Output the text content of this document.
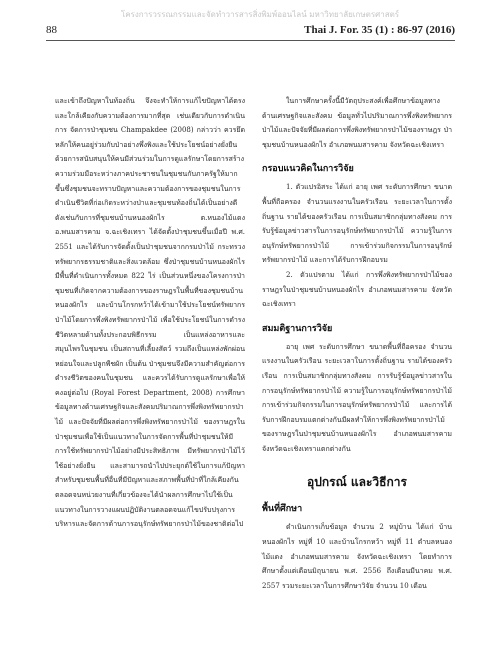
โครงการวรรณกรรมและจัดทำวารสารสิ่งพิมพ์ออนไลน์ มหาวิทยาลัยเกษตรศาสตร์
88	Thai J. For. 35 (1) : 86-97 (2016)

และเข้าถึงปัญหาในท้องถิ่น จึงจะทำให้การแก้ไขปัญหาได้ตรงและใกล้เคียงกับความต้องการมากที่สุด เช่นเดียวกับการดำเนินการ จัดการป่าชุมชน Champakdee (2008) กล่าวว่า ควรยึดหลักให้คนอยู่ร่วมกับป่าอย่างพึ่งพิงและใช้ประโยชน์อย่างยั่งยืน ด้วยการสนับสนุนให้คนมีส่วนร่วมในการดูแลรักษาโดยการสร้างความร่วมมือระหว่างภาคประชาชนในชุมชนกับภาครัฐให้มากขึ้นซึ่งชุมชนจะทราบปัญหาและความต้องการของชุมชนในการดำเนินชีวิตที่ก่อเกิดระหว่างป่าและชุมชนท้องถิ่นได้เป็นอย่างดี ดังเช่นกับการที่ชุมชนบ้านหนองผักไร ต.หนองไม้แดง อ.พนมสารคาม จ.ฉะเชิงเทรา ได้จัดตั้งป่าชุมชนขึ้นเมื่อปี พ.ศ. 2551 และได้รับการจัดตั้งเป็นป่าชุมชนจากกรมป่าไม้ กระทรวงทรัพยากรธรรมชาติและสิ่งแวดล้อม ซึ่งป่าชุมชนบ้านหนองผักไร มีพื้นที่ดำเนินการทั้งหมด 822 ไร่ เป็นส่วนหนึ่งของโครงการป่าชุมชนที่เกิดจากความต้องการของราษฎรในพื้นที่ของชุมชนบ้านหนองผักไร และบ้านโกรกหว้าได้เข้ามาใช้ประโยชน์ทรัพยากรป่าไม้โดยการพึ่งพิงทรัพยากรป่าไม้ เพื่อใช้ประโยชน์ในการดำรงชีวิตหลายด้านทั้งประกอบพิธีกรรม เป็นแหล่งอาหารและสมุนไพรในชุมชน เป็นสถานที่เลี้ยงสัตว์ รวมถึงเป็นแหล่งพักผ่อนหย่อนใจและปลูกพืชผัก เป็นต้น ป่าชุมชนจึงมีความสำคัญต่อการดำรงชีวิตของคนในชุมชน และควรได้รับการดูแลรักษาเพื่อให้คงอยู่ต่อไป (Royal Forest Department, 2008) การศึกษาข้อมูลทางด้านเศรษฐกิจและสังคมปริมาณการพึ่งพิงทรัพยากรป่าไม้ และปัจจัยที่มีผลต่อการพึ่งพิงทรัพยากรป่าไม้ ของราษฎรในป่าชุมชนเพื่อใช้เป็นแนวทางในการจัดการพื้นที่ป่าชุมชนให้มีการใช้ทรัพยากรป่าไม้อย่างมีประสิทธิภาพ มีทรัพยากรป่าไม้ไว้ใช้อย่างยั่งยืน และสามารถนำไปประยุกต์ใช้ในการแก้ปัญหาสำหรับชุมชนพื้นที่อื่นที่มีปัญหาและสภาพพื้นที่ป่าที่ใกล้เคียงกันตลอดจนหน่วยงานที่เกี่ยวข้องจะได้นำผลการศึกษาไปใช้เป็นแนวทางในการวางแผนปฏิบัติงานตลอดจนแก้ไขปรับปรุงการบริหารและจัดการด้านการอนุรักษ์ทรัพยากรป่าไม้ของชาติต่อไป

ในการศึกษาครั้งนี้มีวัตถุประสงค์เพื่อศึกษาข้อมูลทางด้านเศรษฐกิจและสังคม ข้อมูลทั่วไปปริมาณการพึ่งพิงทรัพยากรป่าไม้และปัจจัยที่มีผลต่อการพึ่งพิงทรัพยากรป่าไม้ของราษฎร ป่าชุมชนบ้านหนองผักไร อำเภอพนมสารคาม จังหวัดฉะเชิงเทรา

กรอบแนวคิดในการวิจัย

1. ตัวแปรอิสระ ได้แก่ อายุ เพศ ระดับการศึกษา ขนาดพื้นที่ถือครอง จำนวนแรงงานในครัวเรือน ระยะเวลาในการตั้งถิ่นฐาน รายได้ของครัวเรือน การเป็นสมาชิกกลุ่มทางสังคม การรับรู้ข้อมูลข่าวสารในการอนุรักษ์ทรัพยากรป่าไม้ ความรู้ในการอนุรักษ์ทรัพยากรป่าไม้ การเข้าร่วมกิจกรรมในการอนุรักษ์ทรัพยากรป่าไม้ และการได้รับการฝึกอบรม

2. ตัวแปรตาม ได้แก่ การพึ่งพิงทรัพยากรป่าไม้ของราษฎรในป่าชุมชนบ้านหนองผักไร อำเภอพนมสารคาม จังหวัดฉะเชิงเทรา

สมมติฐานการวิจัย

อายุ เพศ ระดับการศึกษา ขนาดพื้นที่ถือครอง จำนวนแรงงานในครัวเรือน ระยะเวลาในการตั้งถิ่นฐาน รายได้ของครัวเรือน การเป็นสมาชิกกลุ่มทางสังคม การรับรู้ข้อมูลข่าวสารในการอนุรักษ์ทรัพยากรป่าไม้ ความรู้ในการอนุรักษ์ทรัพยากรป่าไม้ การเข้าร่วมกิจกรรมในการอนุรักษ์ทรัพยากรป่าไม้ และการได้รับการฝึกอบรมแตกต่างกันมีผลทำให้การพึ่งพิงทรัพยากรป่าไม้ของราษฎรในป่าชุมชนบ้านหนองผักไร อำเภอพนมสารคาม จังหวัดฉะเชิงเทราแตกต่างกัน

อุปกรณ์ และวิธีการ
พื้นที่ศึกษา

ดำเนินการเก็บข้อมูล จำนวน 2 หมู่บ้าน ได้แก่ บ้านหนองผักไร หมู่ที่ 10 และบ้านโกรกหว้า หมู่ที่ 11 ตำบลหนองไม้แดง อำเภอพนมสารคาม จังหวัดฉะเชิงเทรา โดยทำการศึกษาตั้งแต่เดือนมิถุนายน พ.ศ. 2556 ถึงเดือนมีนาคม พ.ศ. 2557 รวมระยะเวลาในการศึกษาวิจัย จำนวน 10 เดือน
